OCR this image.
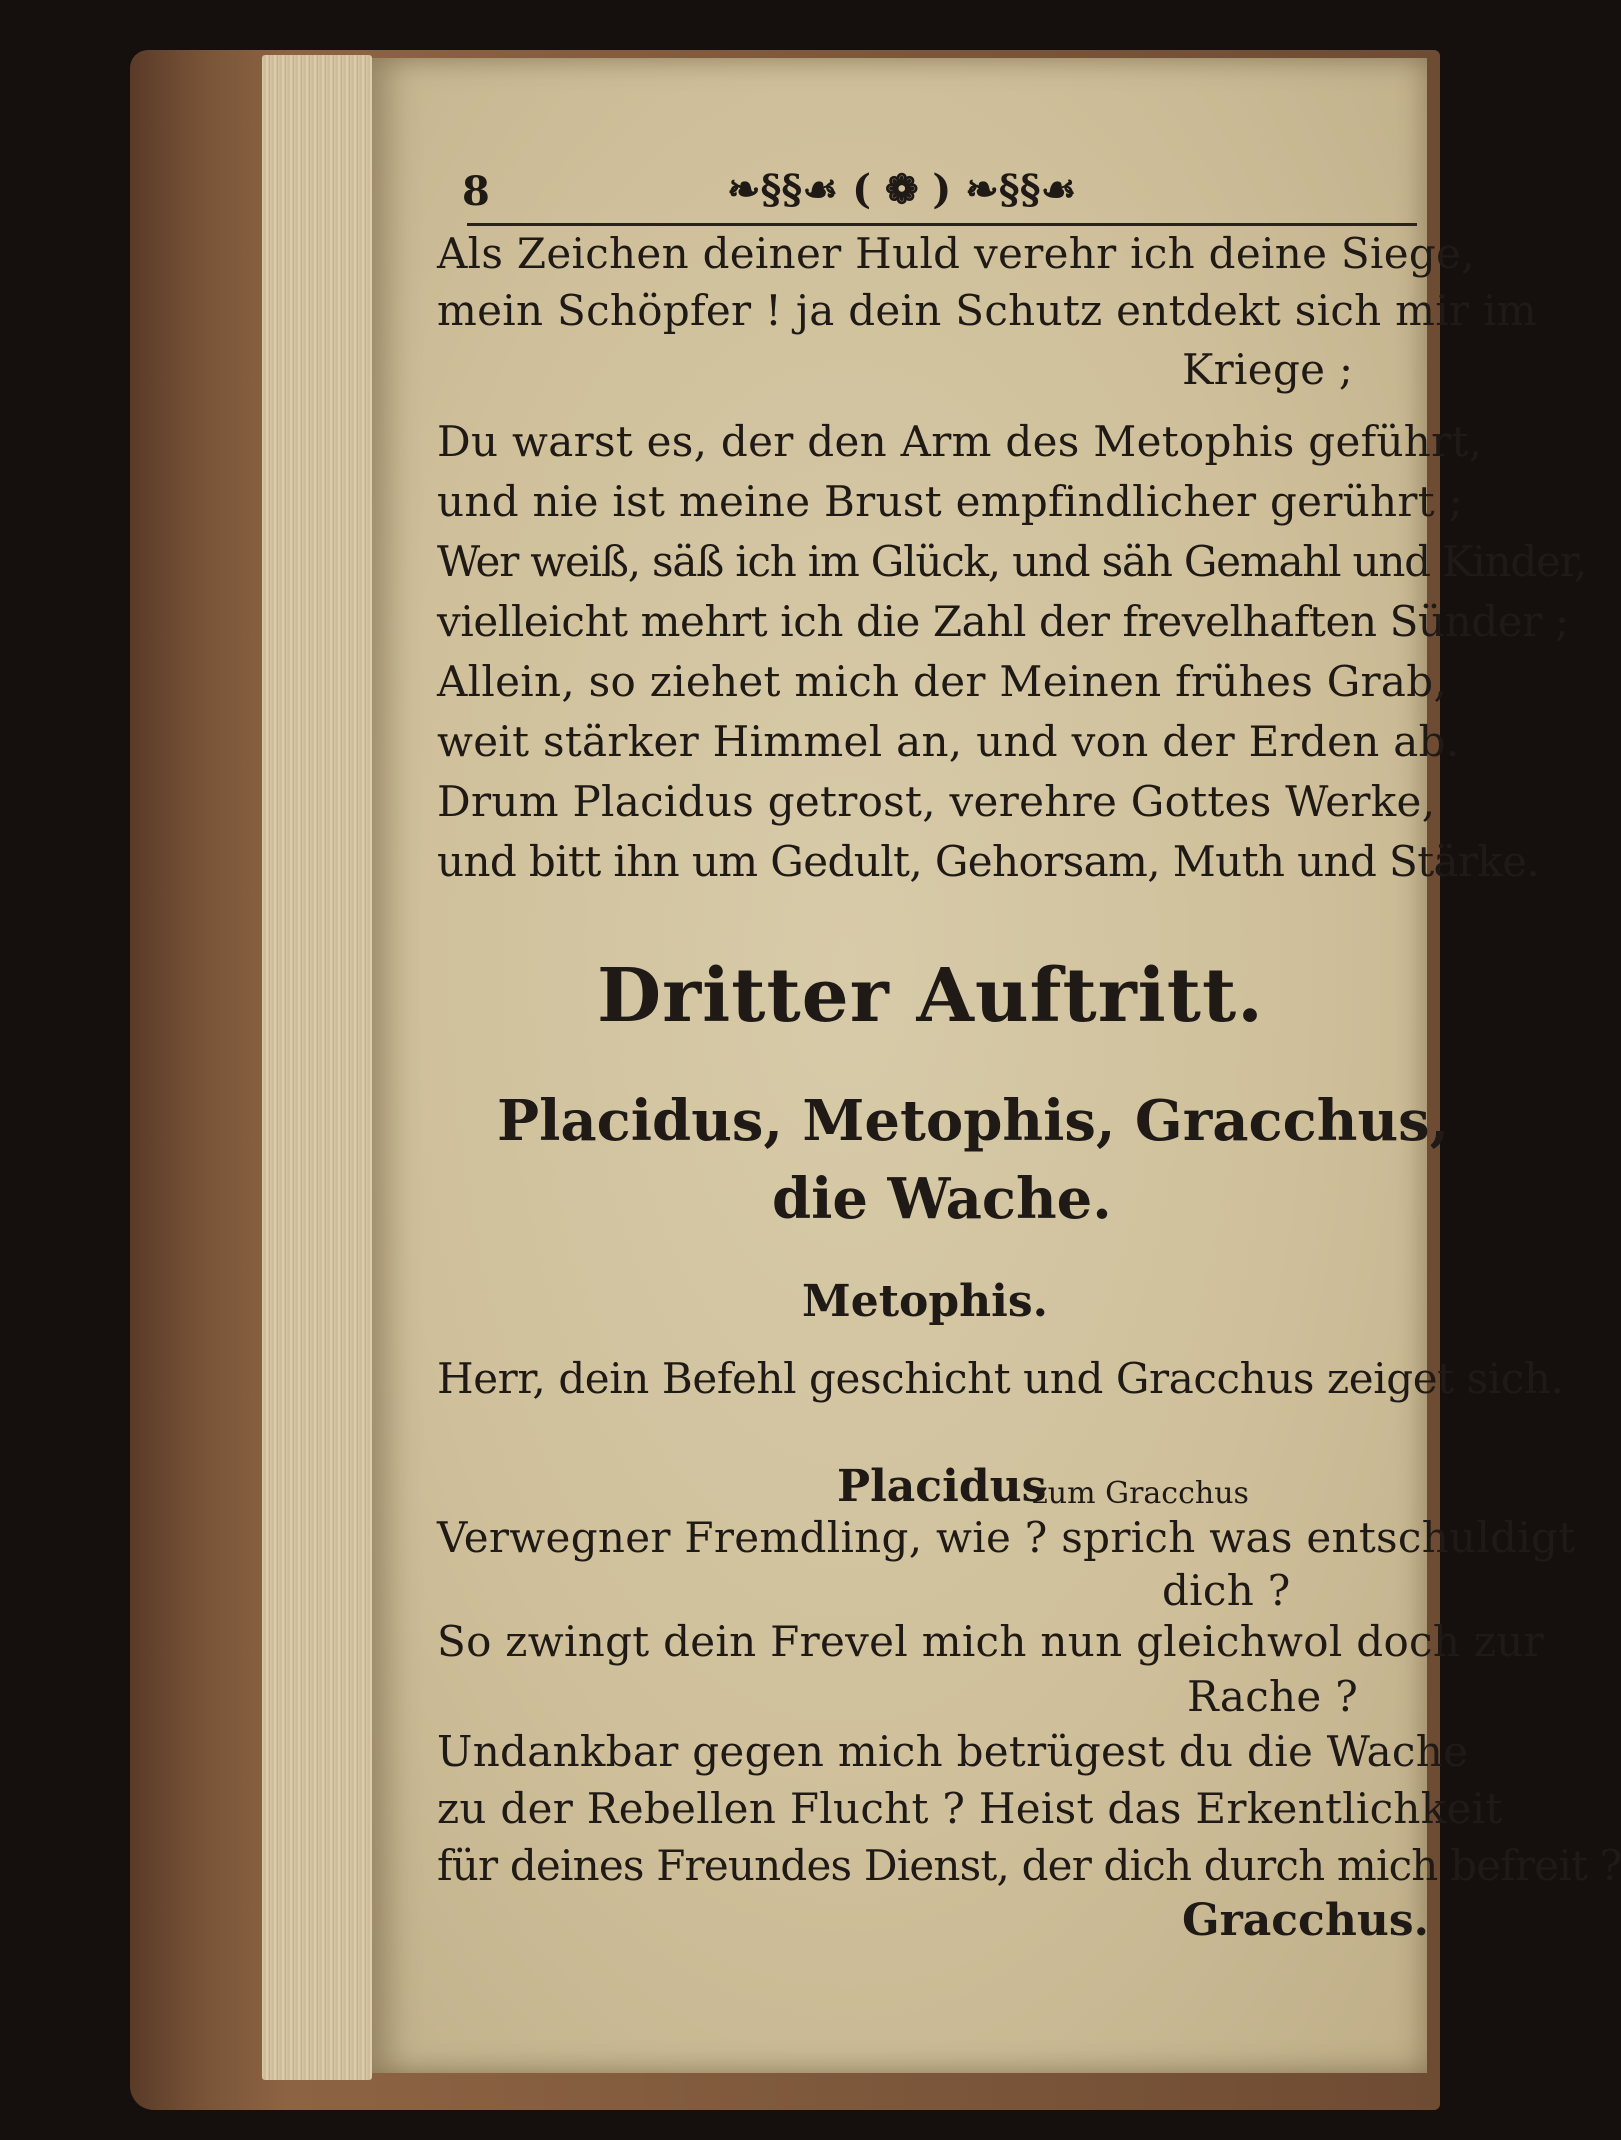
8	❧§§☙ ( ❁ ) ❧§§☙
Als Zeichen deiner Huld verehr ich deine Siege,
mein Schöpfer ! ja dein Schutz entdekt sich mir im
Kriege ;
Du warst es, der den Arm des Metophis geführt,
und nie ist meine Brust empfindlicher gerührt ;
Wer weiß, säß ich im Glück, und säh Gemahl und Kinder,
vielleicht mehrt ich die Zahl der frevelhaften Sünder ;
Allein, so ziehet mich der Meinen frühes Grab,
weit stärker Himmel an, und von der Erden ab.
Drum Placidus getrost, verehre Gottes Werke,
und bitt ihn um Gedult, Gehorsam, Muth und Stärke.
Dritter Auftritt.
Placidus, Metophis, Gracchus,
die Wache.
Metophis.
Herr, dein Befehl geschicht und Gracchus zeiget sich.
Placidus
zum Gracchus
Verwegner Fremdling, wie ? sprich was entschuldigt
dich ?
So zwingt dein Frevel mich nun gleichwol doch zur
Rache ?
Undankbar gegen mich betrügest du die Wache
zu der Rebellen Flucht ? Heist das Erkentlichkeit
für deines Freundes Dienst, der dich durch mich befreit ?
Gracchus.
